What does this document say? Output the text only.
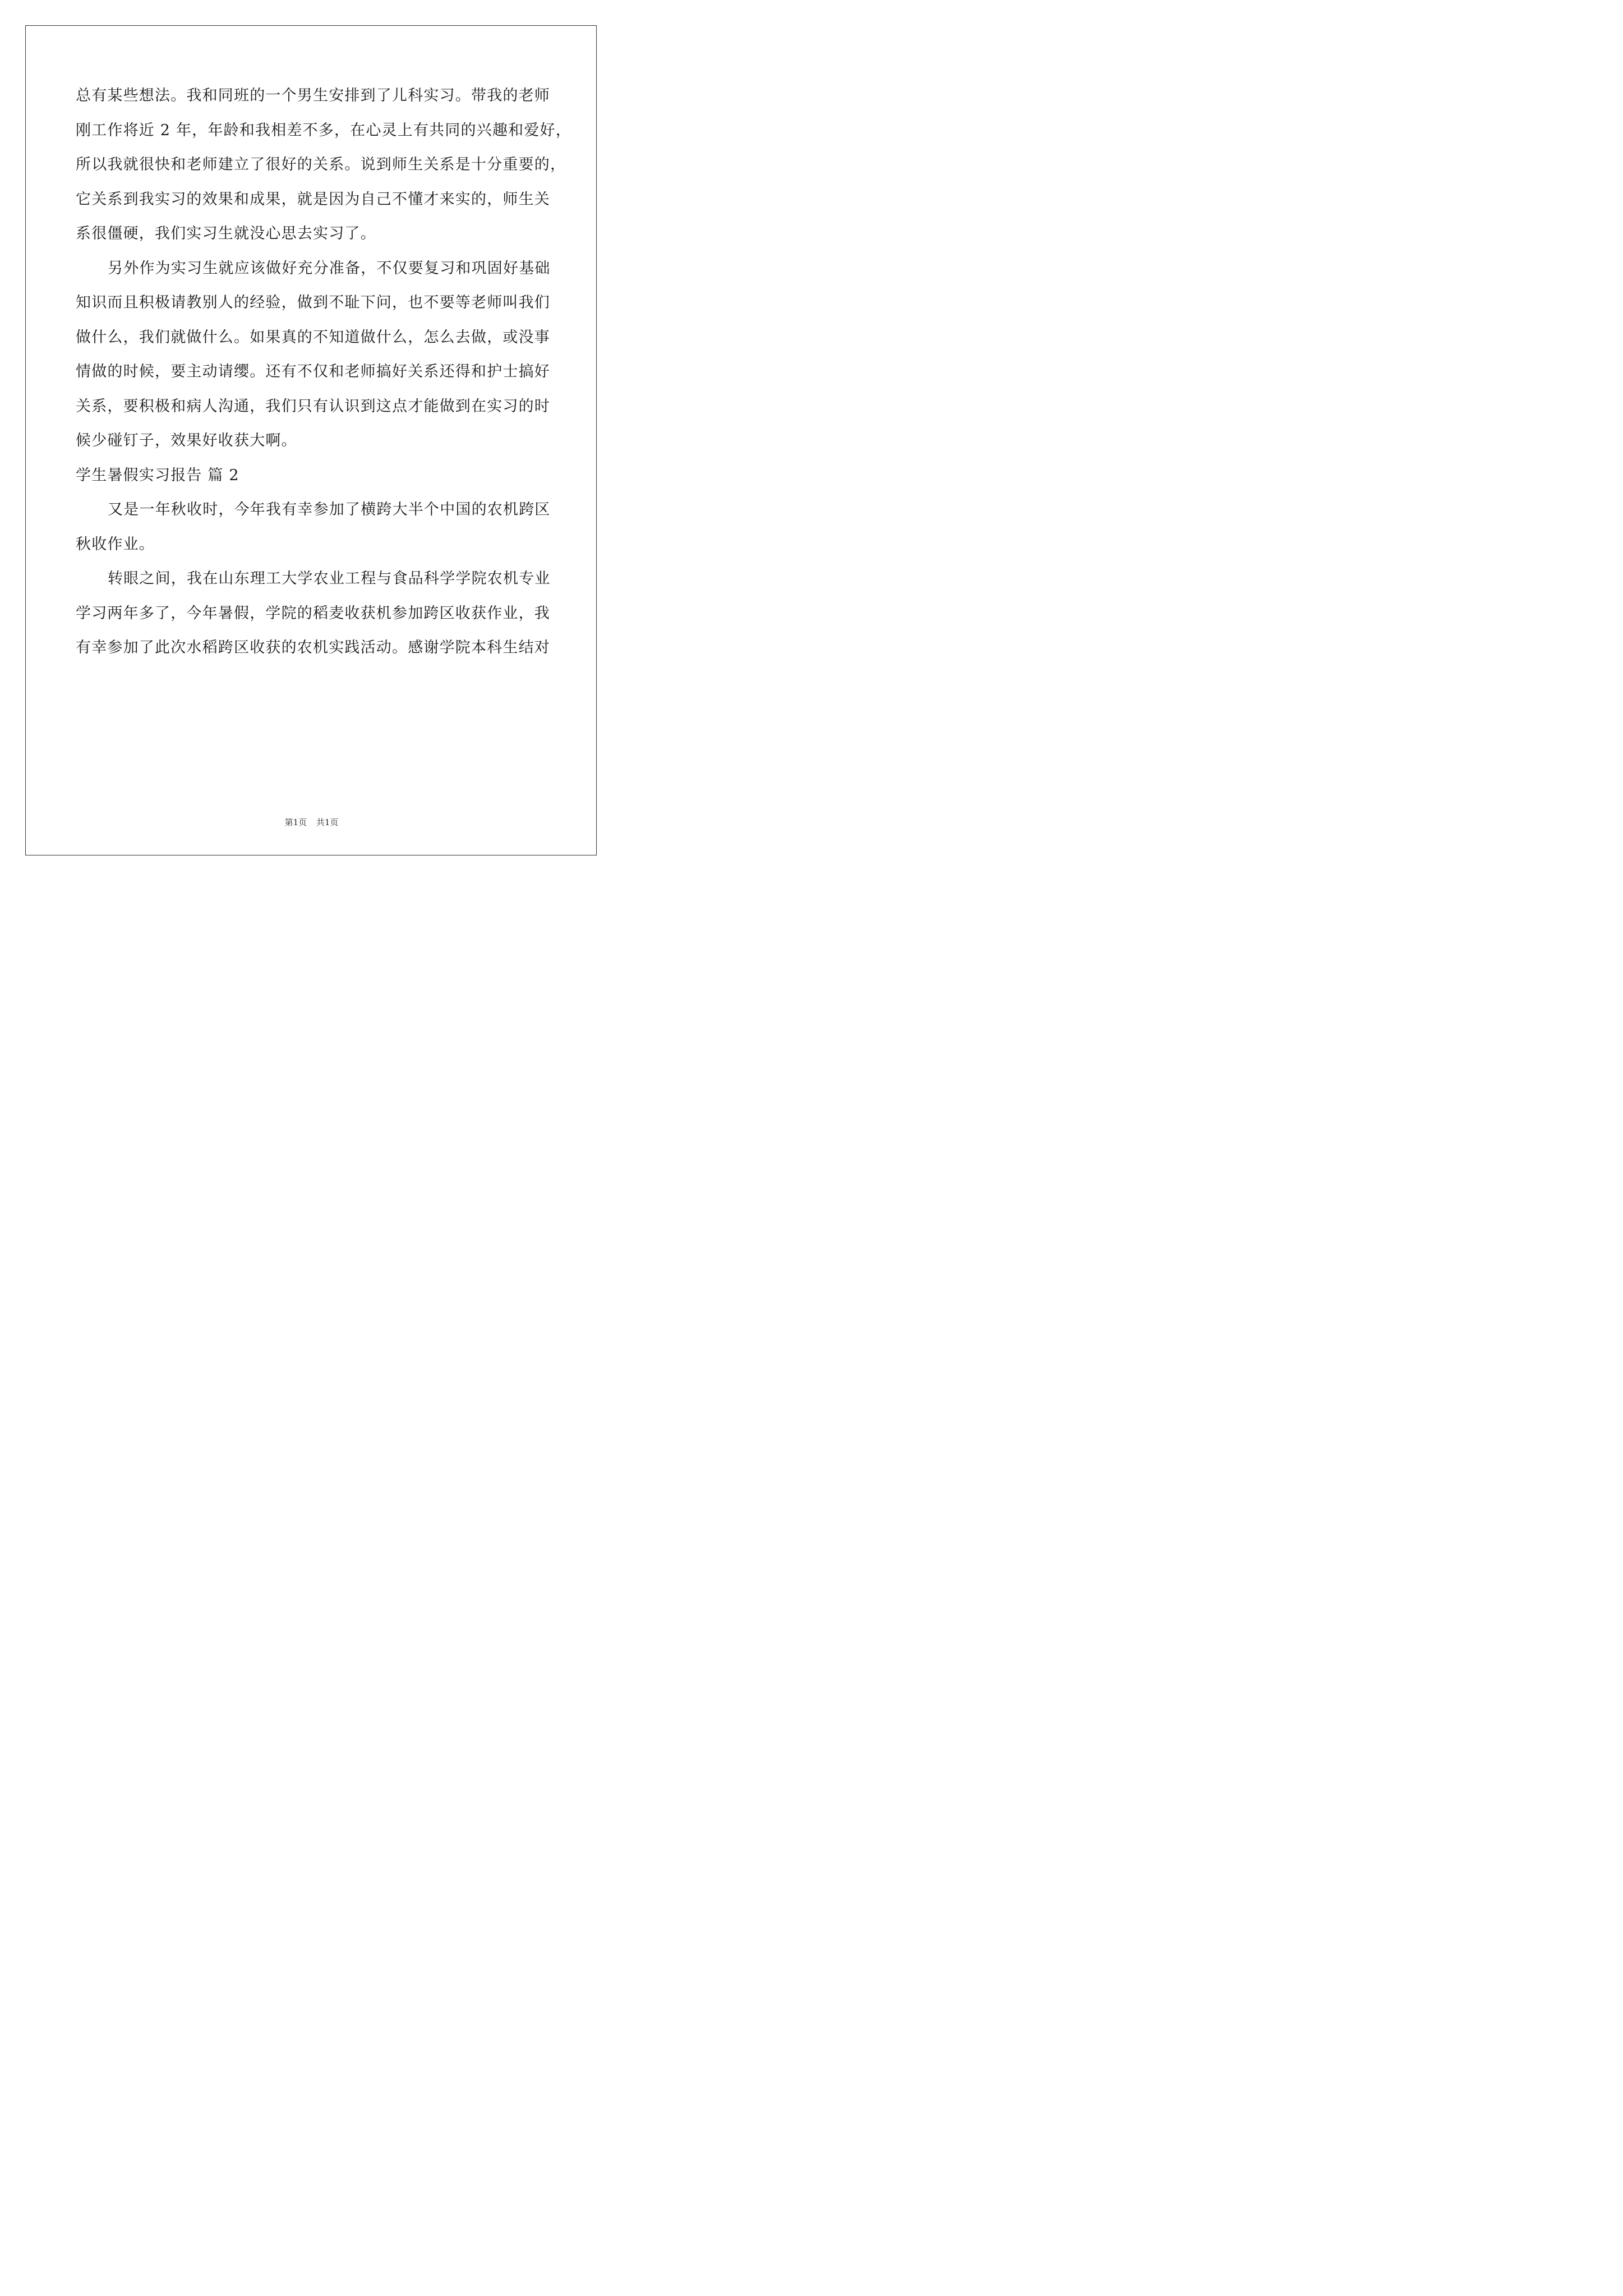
总有某些想法。我和同班的一个男生安排到了儿科实习。带我的老师
刚工作将近 2 年，年龄和我相差不多，在心灵上有共同的兴趣和爱好，
所以我就很快和老师建立了很好的关系。说到师生关系是十分重要的，
它关系到我实习的效果和成果，就是因为自己不懂才来实的，师生关
系很僵硬，我们实习生就没心思去实习了。
另外作为实习生就应该做好充分准备，不仅要复习和巩固好基础
知识而且积极请教别人的经验，做到不耻下问，也不要等老师叫我们
做什么，我们就做什么。如果真的不知道做什么，怎么去做，或没事
情做的时候，要主动请缨。还有不仅和老师搞好关系还得和护士搞好
关系，要积极和病人沟通，我们只有认识到这点才能做到在实习的时
候少碰钉子，效果好收获大啊。
学生暑假实习报告 篇 2
又是一年秋收时，今年我有幸参加了横跨大半个中国的农机跨区
秋收作业。
转眼之间，我在山东理工大学农业工程与食品科学学院农机专业
学习两年多了，今年暑假，学院的稻麦收获机参加跨区收获作业，我
有幸参加了此次水稻跨区收获的农机实践活动。感谢学院本科生结对
第1页 共1页
